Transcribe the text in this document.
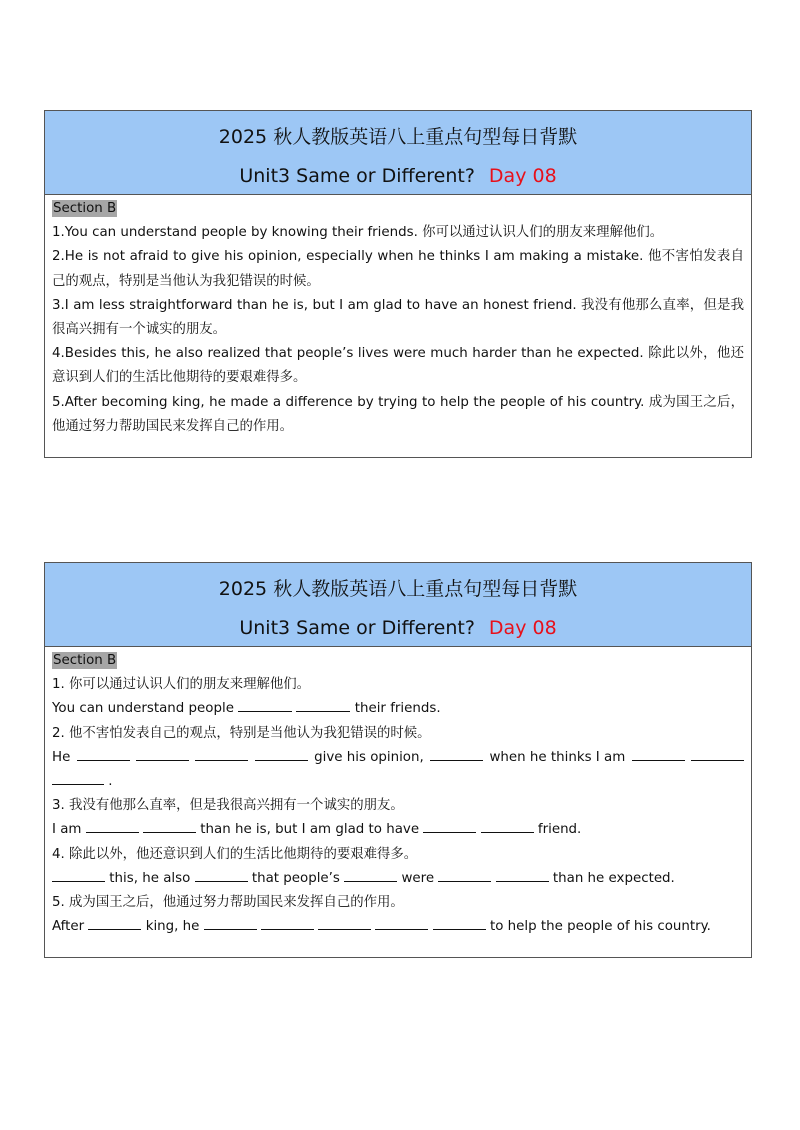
2025 秋人教版英语八上重点句型每日背默
Unit3 Same or Different? Day 08
Section B
1.You can understand people by knowing their friends. 你可以通过认识人们的朋友来理解他们。
2.He is not afraid to give his opinion, especially when he thinks I am making a mistake. 他不害怕发表自己的观点，特别是当他认为我犯错误的时候。
3.I am less straightforward than he is, but I am glad to have an honest friend. 我没有他那么直率，但是我很高兴拥有一个诚实的朋友。
4.Besides this, he also realized that people’s lives were much harder than he expected. 除此以外，他还意识到人们的生活比他期待的要艰难得多。
5.After becoming king, he made a difference by trying to help the people of his country. 成为国王之后，他通过努力帮助国民来发挥自己的作用。
2025 秋人教版英语八上重点句型每日背默
Unit3 Same or Different? Day 08
Section B
1. 你可以通过认识人们的朋友来理解他们。
You can understand people	their friends.
2. 他不害怕发表自己的观点，特别是当他认为我犯错误的时候。
He	give his opinion,	when he thinks I am
.
3. 我没有他那么直率，但是我很高兴拥有一个诚实的朋友。
I am	than he is, but I am glad to have	friend.
4. 除此以外，他还意识到人们的生活比他期待的要艰难得多。
this, he also	that people’s	were	than he expected.
5. 成为国王之后，他通过努力帮助国民来发挥自己的作用。
After	king, he	to help the people of his country.
